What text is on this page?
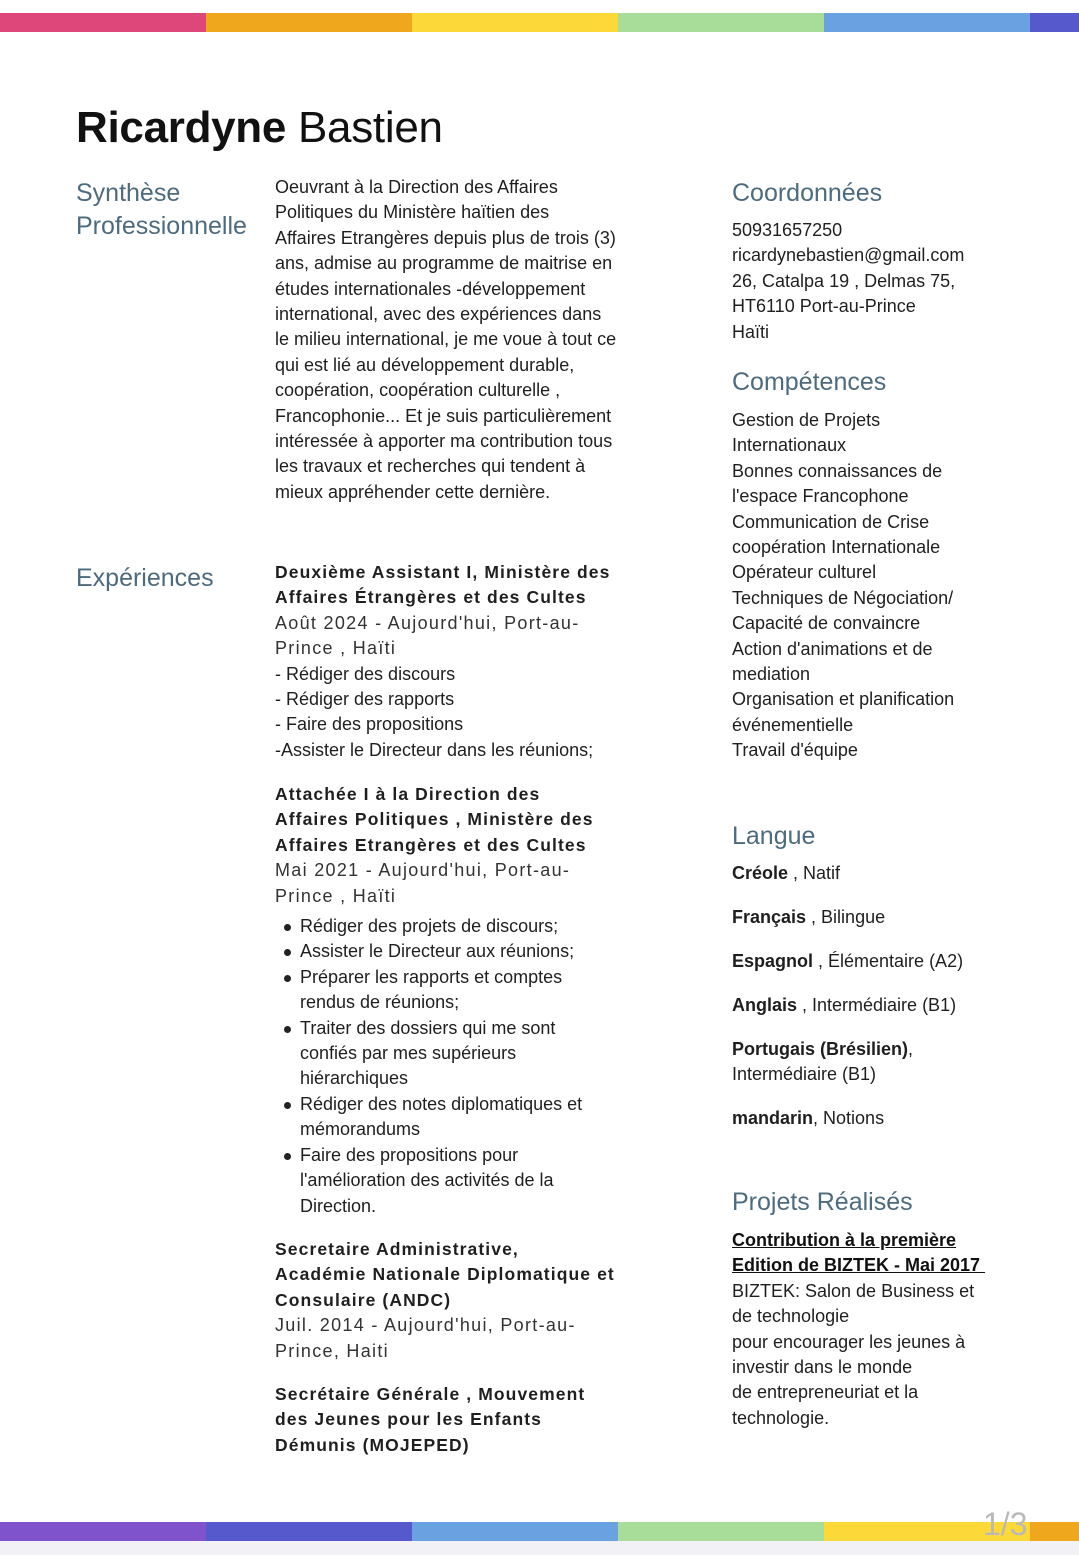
Ricardyne Bastien
Synthèse
Professionnelle
Oeuvrant à la Direction des Affaires
Politiques du Ministère haïtien des
Affaires Etrangères depuis plus de trois (3)
ans, admise au programme de maitrise en
études internationales -développement
international, avec des expériences dans
le milieu international, je me voue à tout ce
qui est lié au développement durable,
coopération, coopération culturelle ,
Francophonie... Et je suis particulièrement
intéressée à apporter ma contribution tous
les travaux et recherches qui tendent à
mieux appréhender cette dernière.
Expériences	Deuxième Assistant I, Ministère des
Affaires Étrangères et des Cultes
Août 2024 - Aujourd'hui, Port-au-
Prince , Haïti
- Rédiger des discours
- Rédiger des rapports
- Faire des propositions
-Assister le Directeur dans les réunions;
Attachée I à la Direction des
Affaires Politiques , Ministère des
Affaires Etrangères et des Cultes
Mai 2021 - Aujourd'hui, Port-au-
Prince , Haïti
Rédiger des projets de discours;
Assister le Directeur aux réunions;
Préparer les rapports et comptes
rendus de réunions;
Traiter des dossiers qui me sont
confiés par mes supérieurs
hiérarchiques
Rédiger des notes diplomatiques et
mémorandums
Faire des propositions pour
l'amélioration des activités de la
Direction.
Secretaire Administrative,
Académie Nationale Diplomatique et
Consulaire (ANDC)
Juil. 2014 - Aujourd'hui, Port-au-
Prince, Haiti
Secrétaire Générale , Mouvement
des Jeunes pour les Enfants
Démunis (MOJEPED)
Coordonnées
50931657250
ricardynebastien@gmail.com
26, Catalpa 19 , Delmas 75,
HT6110 Port-au-Prince
Haïti
Compétences
Gestion de Projets
Internationaux
Bonnes connaissances de
l'espace Francophone
Communication de Crise
coopération Internationale
Opérateur culturel
Techniques de Négociation/
Capacité de convaincre
Action d'animations et de
mediation
Organisation et planification
événementielle
Travail d'équipe
Langue
Créole , Natif
Français , Bilingue
Espagnol , Élémentaire (A2)
Anglais , Intermédiaire (B1)
Portugais (Brésilien),
Intermédiaire (B1)
mandarin, Notions
Projets Réalisés
Contribution à la première
Edition de BIZTEK - Mai 2017
BIZTEK: Salon de Business et
de technologie
pour encourager les jeunes à
investir dans le monde
de entrepreneuriat et la
technologie.
1/3
